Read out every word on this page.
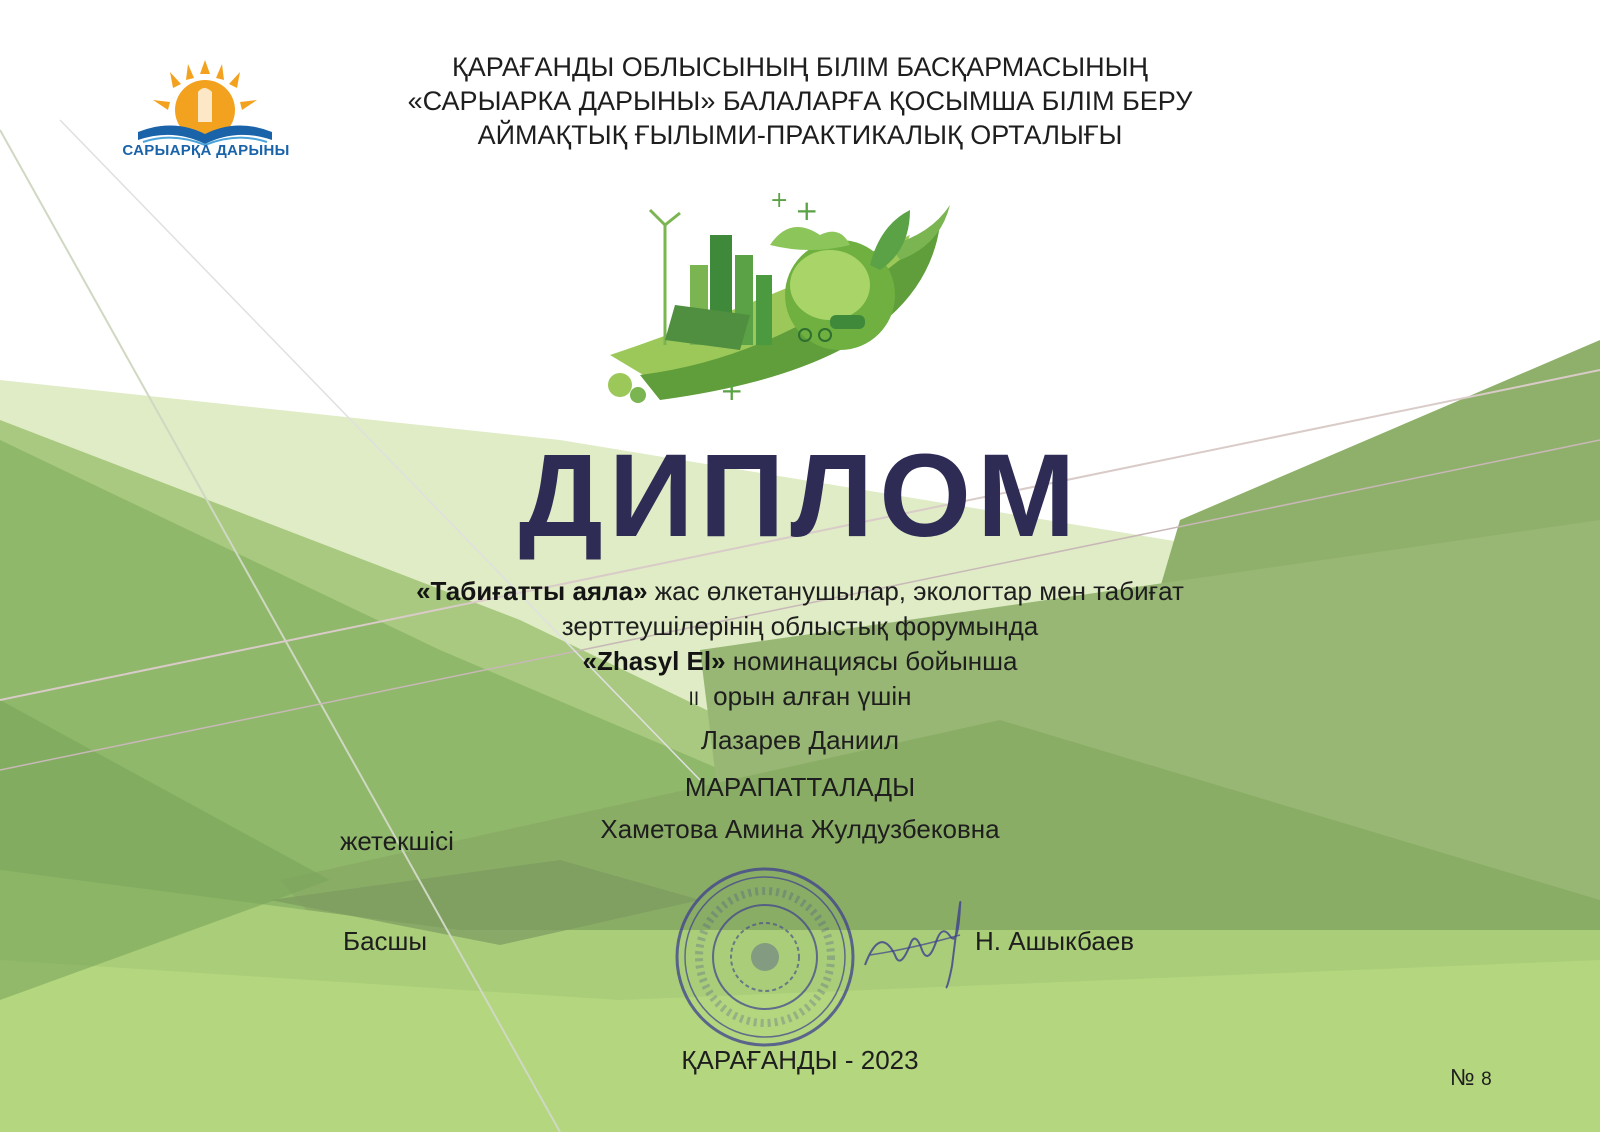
САРЫАРҚА ДАРЫНЫ
ҚАРАҒАНДЫ ОБЛЫСЫНЫҢ БІЛІМ БАСҚАРМАСЫНЫҢ
«САРЫАРКА ДАРЫНЫ» БАЛАЛАРҒА ҚОСЫМША БІЛІМ БЕРУ
АЙМАҚТЫҚ ҒЫЛЫМИ-ПРАКТИКАЛЫҚ ОРТАЛЫҒЫ
+ +
+
ДИПЛОМ
«Табиғатты аяла» жас өлкетанушылар, экологтар мен табиғат
зерттеушілерінің облыстық форумында
«Zhasyl El» номинациясы бойынша
II орын алған үшін
Лазарев Даниил
МАРАПАТТАЛАДЫ
жетекшісі	Хаметова Амина Жулдузбековна
Басшы	Н. Ашыкбаев
ҚАРАҒАНДЫ - 2023
№ 8
